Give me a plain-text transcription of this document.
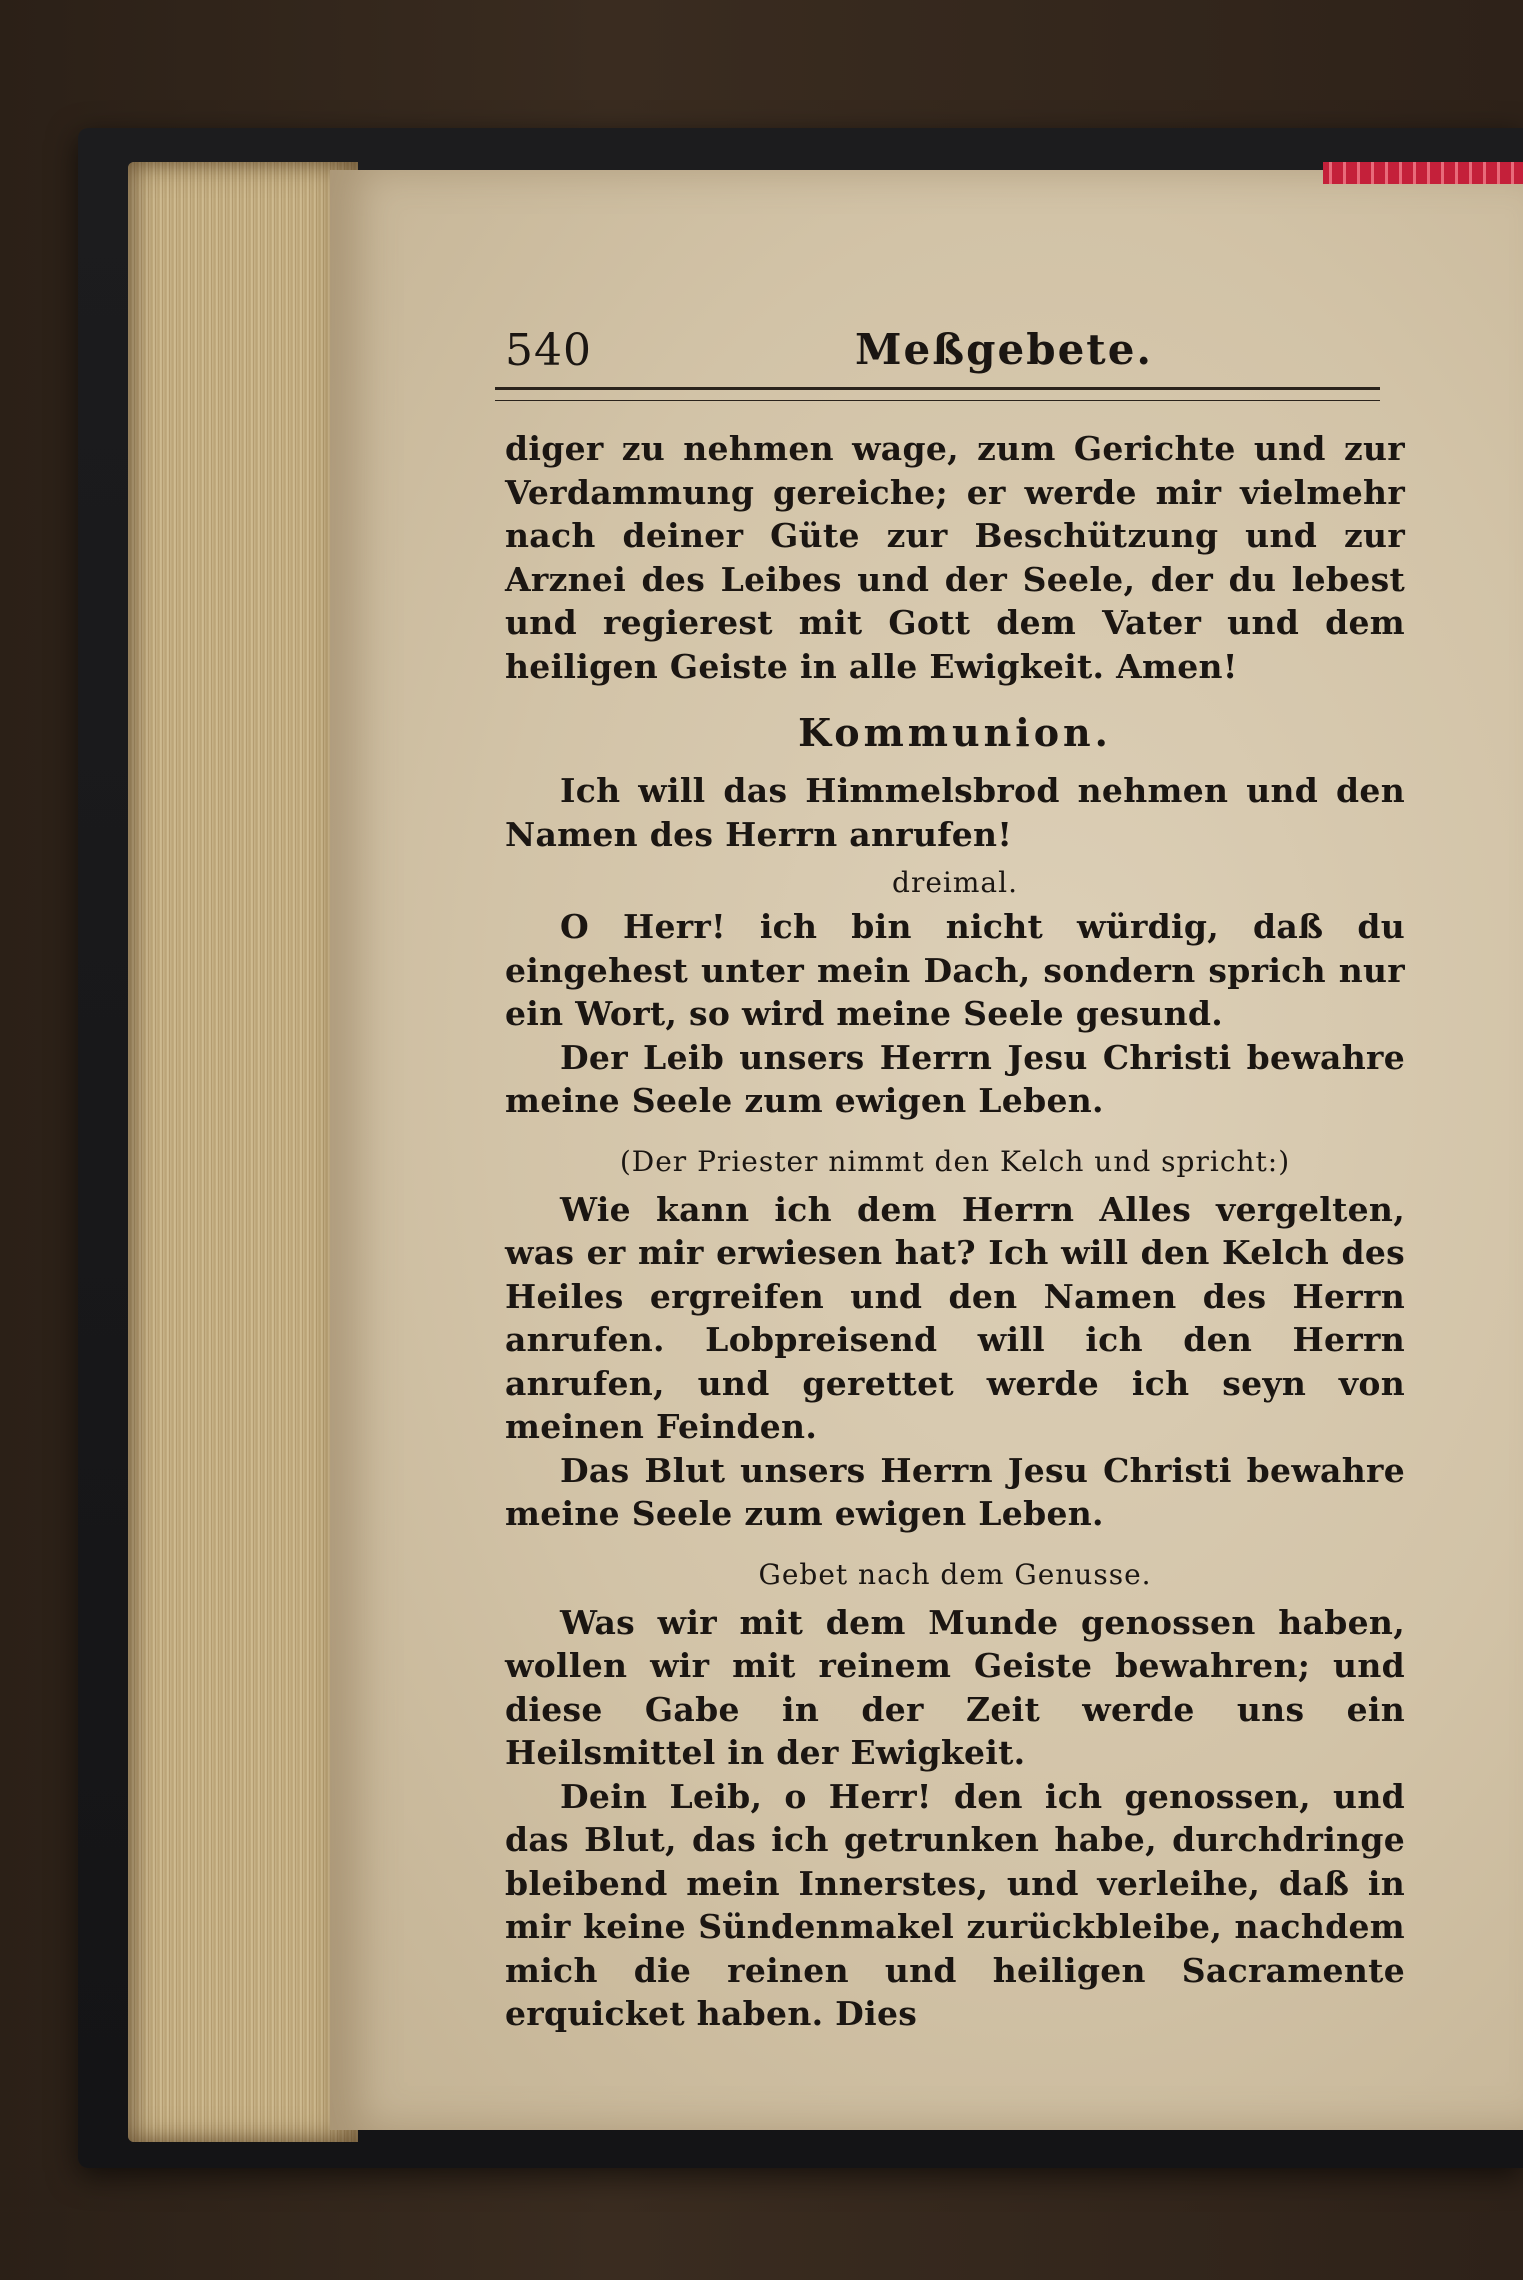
540	Meßgebete.

diger zu nehmen wage, zum Gerichte und zur Verdammung gereiche; er werde mir vielmehr nach deiner Güte zur Beschützung und zur Arznei des Leibes und der Seele, der du lebest und regierest mit Gott dem Vater und dem heiligen Geiste in alle Ewigkeit. Amen!

Kommunion.

Ich will das Himmelsbrod nehmen und den Namen des Herrn anrufen!

dreimal.

O Herr! ich bin nicht würdig, daß du eingehest unter mein Dach, sondern sprich nur ein Wort, so wird meine Seele gesund.

Der Leib unsers Herrn Jesu Christi bewahre meine Seele zum ewigen Leben.

(Der Priester nimmt den Kelch und spricht:)

Wie kann ich dem Herrn Alles vergelten, was er mir erwiesen hat? Ich will den Kelch des Heiles ergreifen und den Namen des Herrn anrufen. Lobpreisend will ich den Herrn anrufen, und gerettet werde ich seyn von meinen Feinden.

Das Blut unsers Herrn Jesu Christi bewahre meine Seele zum ewigen Leben.

Gebet nach dem Genusse.

Was wir mit dem Munde genossen haben, wollen wir mit reinem Geiste bewahren; und diese Gabe in der Zeit werde uns ein Heilsmittel in der Ewigkeit.

Dein Leib, o Herr! den ich genossen, und das Blut, das ich getrunken habe, durchdringe bleibend mein Innerstes, und verleihe, daß in mir keine Sündenmakel zurückbleibe, nachdem mich die reinen und heiligen Sacramente erquicket haben. Dies
